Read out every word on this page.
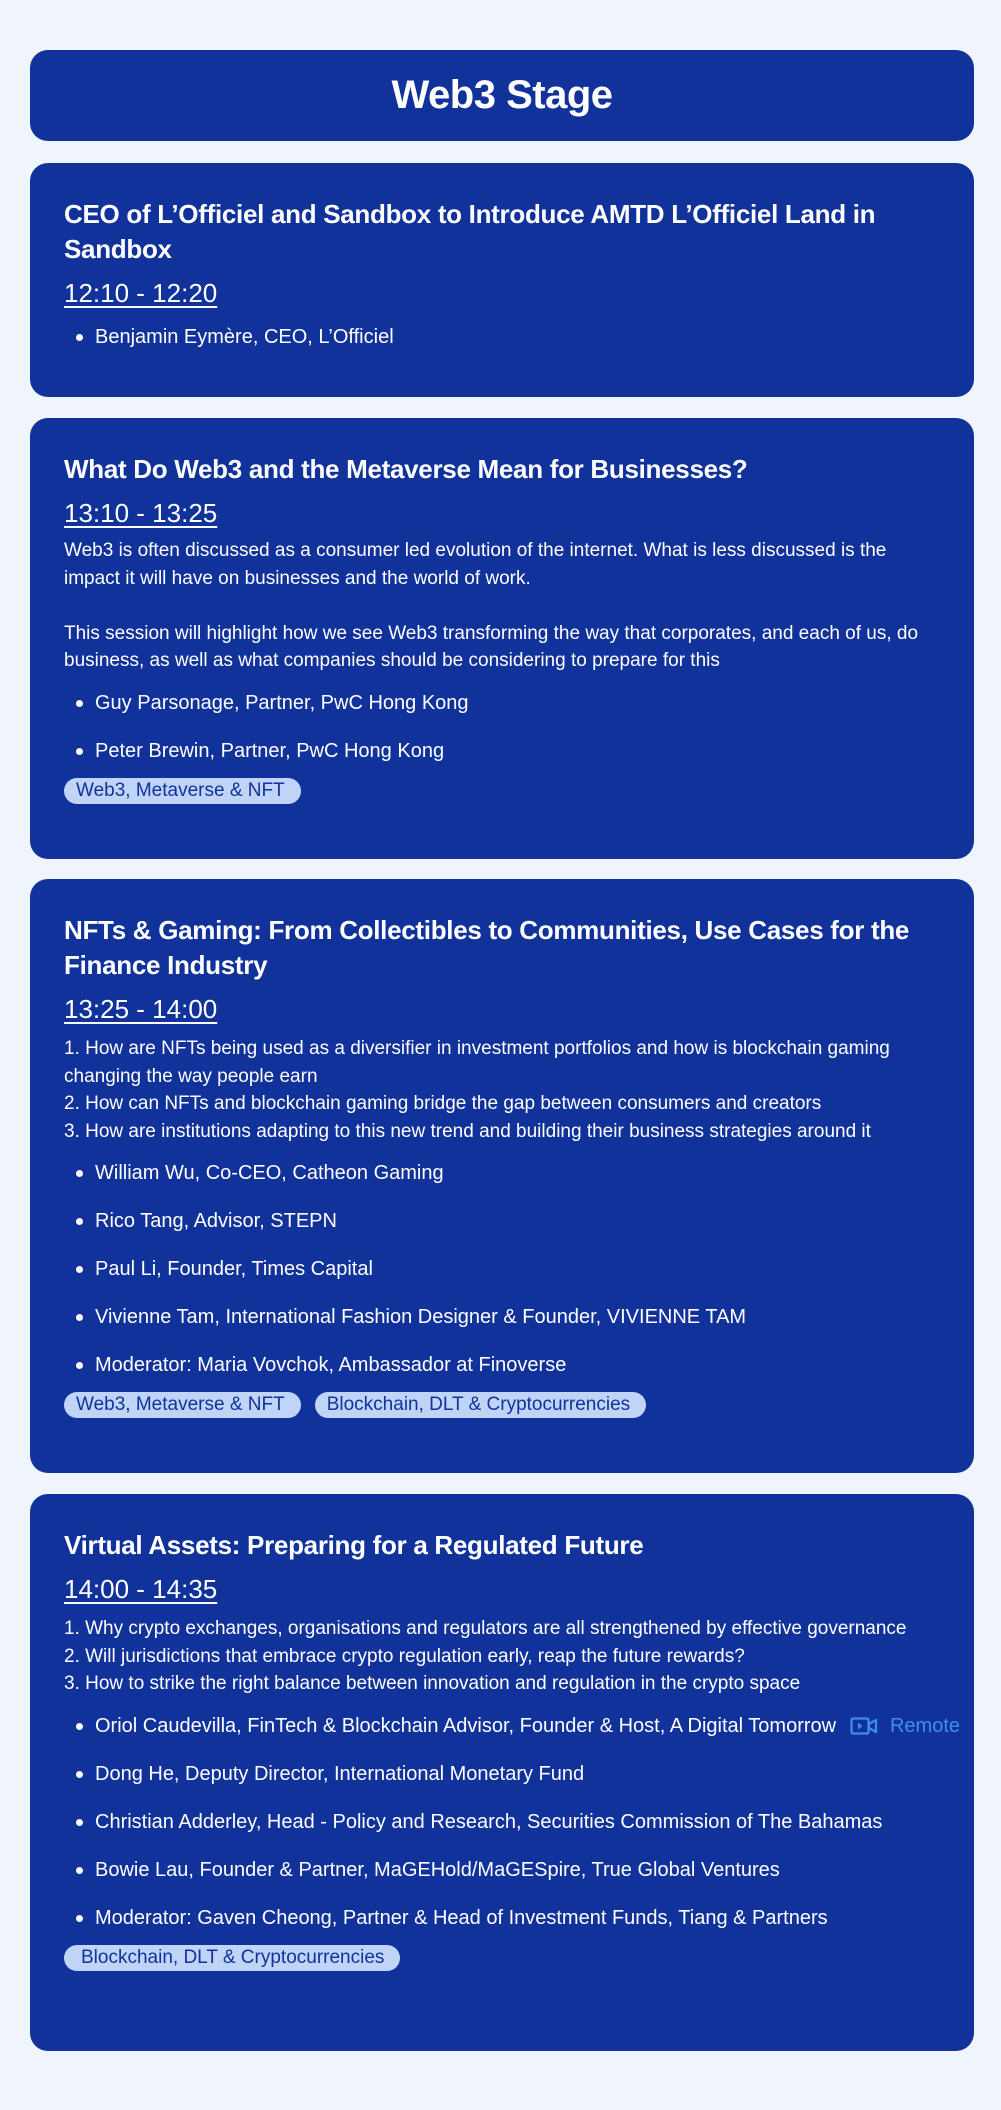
Web3 Stage
CEO of L’Officiel and Sandbox to Introduce AMTD L’Officiel Land in Sandbox
12:10 - 12:20
Benjamin Eymère, CEO, L’Officiel
What Do Web3 and the Metaverse Mean for Businesses?
13:10 - 13:25

Web3 is often discussed as a consumer led evolution of the internet. What is less discussed is the impact it will have on businesses and the world of work.

This session will highlight how we see Web3 transforming the way that corporates, and each of us, do business, as well as what companies should be considering to prepare for this

Guy Parsonage, Partner, PwC Hong Kong
Peter Brewin, Partner, PwC Hong Kong
Web3, Metaverse & NFT
NFTs & Gaming: From Collectibles to Communities, Use Cases for the Finance Industry
13:25 - 14:00

1. How are NFTs being used as a diversifier in investment portfolios and how is blockchain gaming changing the way people earn

2. How can NFTs and blockchain gaming bridge the gap between consumers and creators

3. How are institutions adapting to this new trend and building their business strategies around it

William Wu, Co-CEO, Catheon Gaming
Rico Tang, Advisor, STEPN
Paul Li, Founder, Times Capital
Vivienne Tam, International Fashion Designer & Founder, VIVIENNE TAM
Moderator: Maria Vovchok, Ambassador at Finoverse
Web3, Metaverse & NFT	Blockchain, DLT & Cryptocurrencies
Virtual Assets: Preparing for a Regulated Future
14:00 - 14:35

1. Why crypto exchanges, organisations and regulators are all strengthened by effective governance

2. Will jurisdictions that embrace crypto regulation early, reap the future rewards?

3. How to strike the right balance between innovation and regulation in the crypto space

Oriol Caudevilla, FinTech & Blockchain Advisor, Founder & Host, A Digital Tomorrow	Remote
Dong He, Deputy Director, International Monetary Fund
Christian Adderley, Head - Policy and Research, Securities Commission of The Bahamas
Bowie Lau, Founder & Partner, MaGEHold/MaGESpire, True Global Ventures
Moderator: Gaven Cheong, Partner & Head of Investment Funds, Tiang & Partners
Blockchain, DLT & Cryptocurrencies
